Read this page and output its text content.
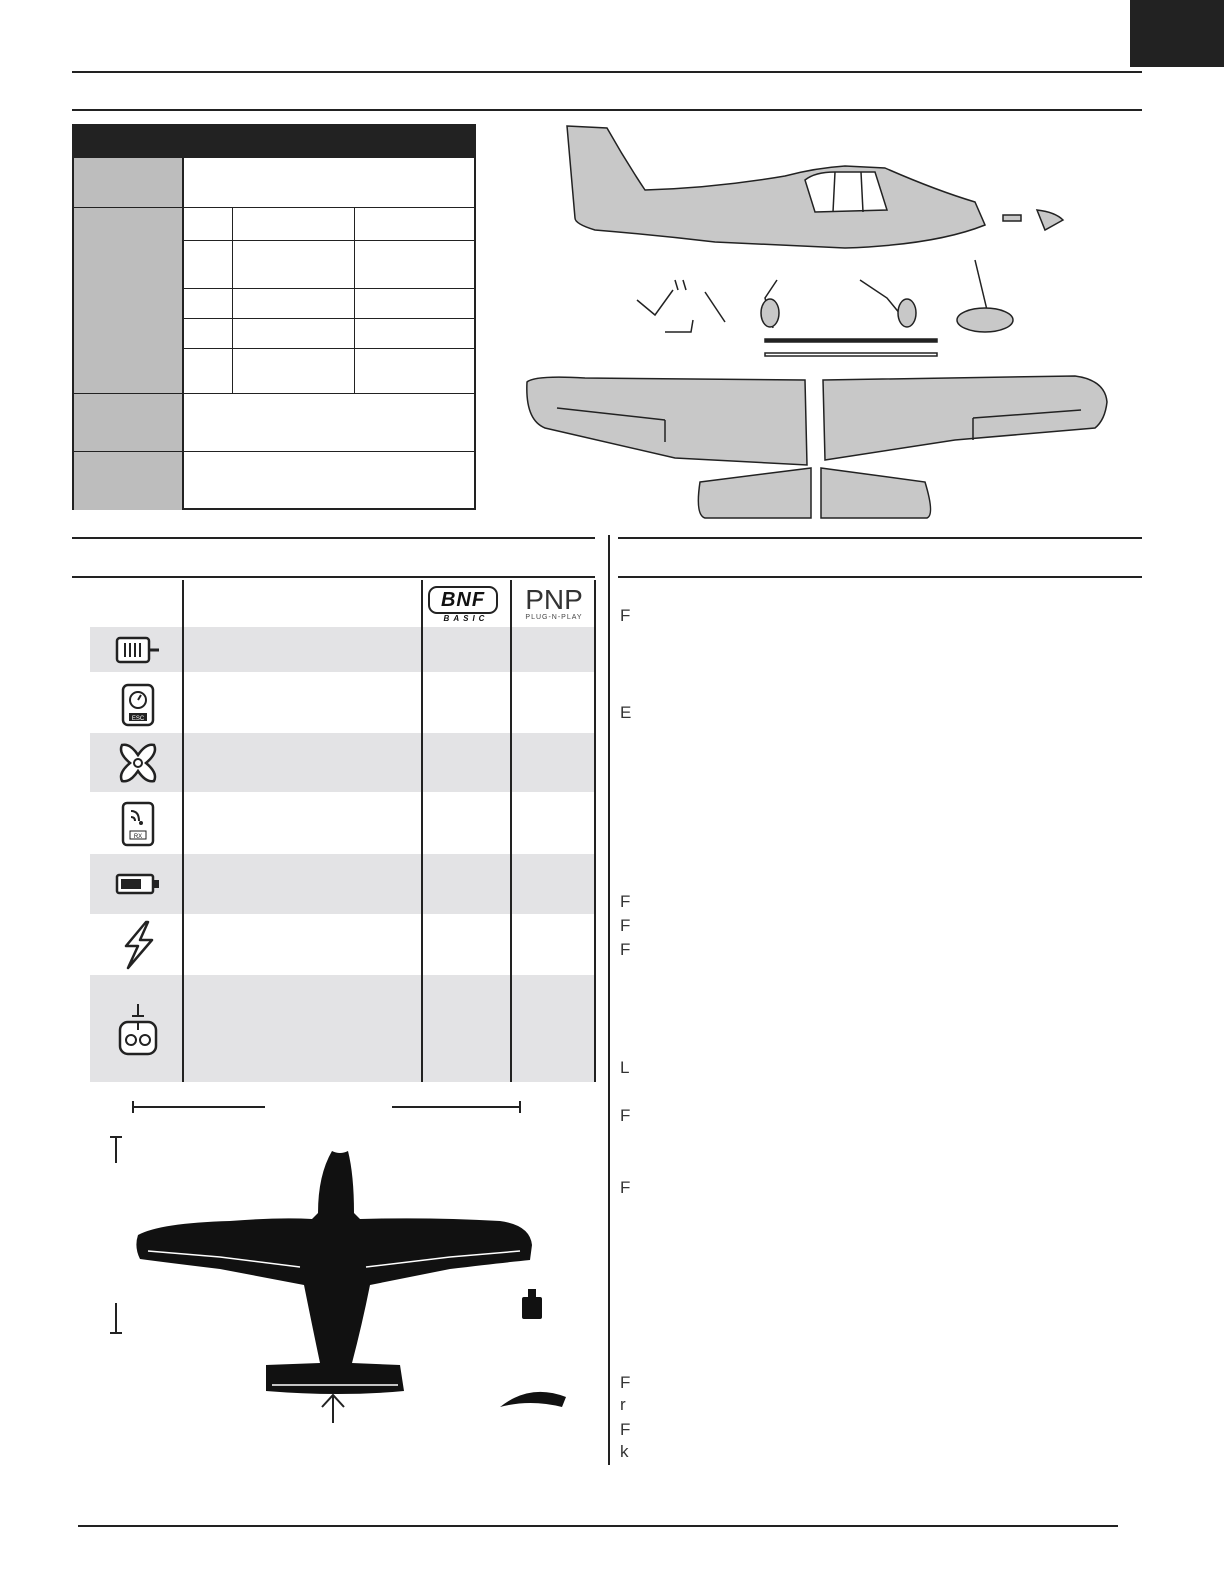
BNF
BASIC
PNP
PLUG-N-PLAY
ESC
RX
F
E
F
F
F
L
F
F
F
r
F
k
